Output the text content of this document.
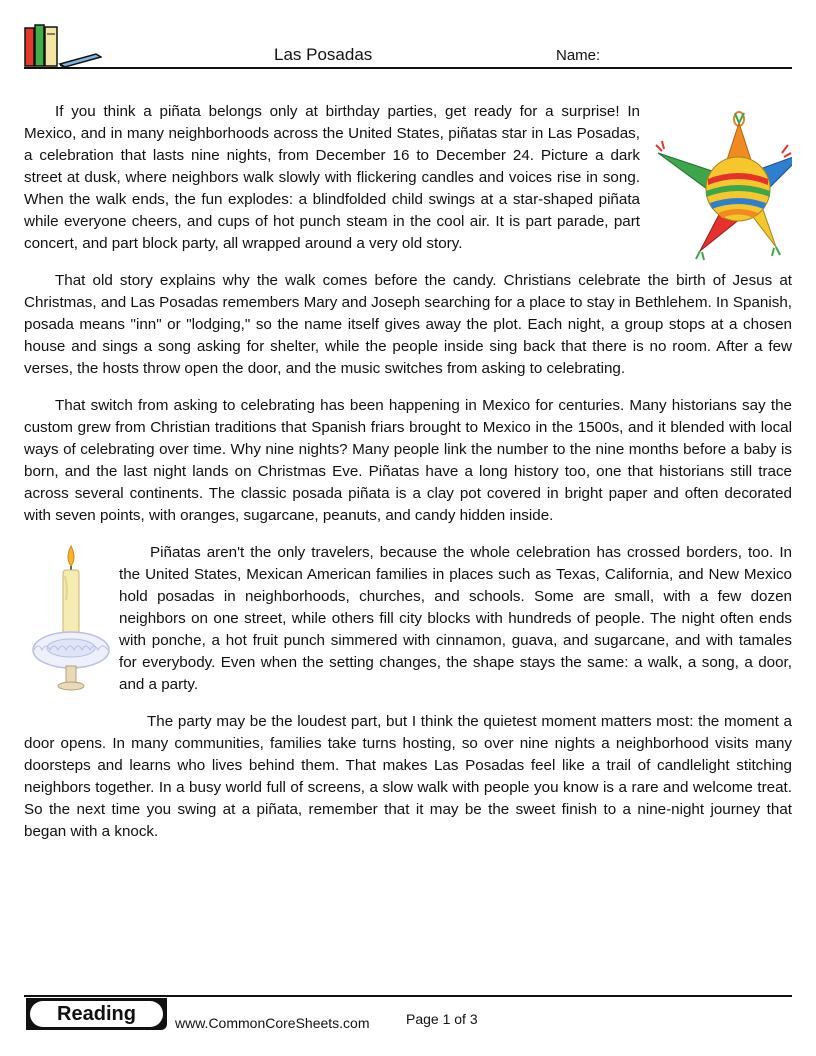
Las Posadas	Name:

If you think a piñata belongs only at birthday parties, get ready for a surprise! In Mexico, and in many neighborhoods across the United States, piñatas star in Las Posadas, a celebration that lasts nine nights, from December 16 to December 24. Picture a dark street at dusk, where neighbors walk slowly with flickering candles and voices rise in song. When the walk ends, the fun explodes: a blindfolded child swings at a star-shaped piñata while everyone cheers, and cups of hot punch steam in the cool air. It is part parade, part concert, and part block party, all wrapped around a very old story.

That old story explains why the walk comes before the candy. Christians celebrate the birth of Jesus at Christmas, and Las Posadas remembers Mary and Joseph searching for a place to stay in Bethlehem. In Spanish, posada means "inn" or "lodging," so the name itself gives away the plot. Each night, a group stops at a chosen house and sings a song asking for shelter, while the people inside sing back that there is no room. After a few verses, the hosts throw open the door, and the music switches from asking to celebrating.

That switch from asking to celebrating has been happening in Mexico for centuries. Many historians say the custom grew from Christian traditions that Spanish friars brought to Mexico in the 1500s, and it blended with local ways of celebrating over time. Why nine nights? Many people link the number to the nine months before a baby is born, and the last night lands on Christmas Eve. Piñatas have a long history too, one that historians still trace across several continents. The classic posada piñata is a clay pot covered in bright paper and often decorated with seven points, with oranges, sugarcane, peanuts, and candy hidden inside.

Piñatas aren't the only travelers, because the whole celebration has crossed borders, too. In the United States, Mexican American families in places such as Texas, California, and New Mexico hold posadas in neighborhoods, churches, and schools. Some are small, with a few dozen neighbors on one street, while others fill city blocks with hundreds of people. The night often ends with ponche, a hot fruit punch simmered with cinnamon, guava, and sugarcane, and with tamales for everybody. Even when the setting changes, the shape stays the same: a walk, a song, a door, and a party.

The party may be the loudest part, but I think the quietest moment matters most: the moment a door opens. In many communities, families take turns hosting, so over nine nights a neighborhood visits many doorsteps and learns who lives behind them. That makes Las Posadas feel like a trail of candlelight stitching neighbors together. In a busy world full of screens, a slow walk with people you know is a rare and welcome treat. So the next time you swing at a piñata, remember that it may be the sweet finish to a nine-night journey that began with a knock.

Reading	www.CommonCoreSheets.com	Page 1 of 3
